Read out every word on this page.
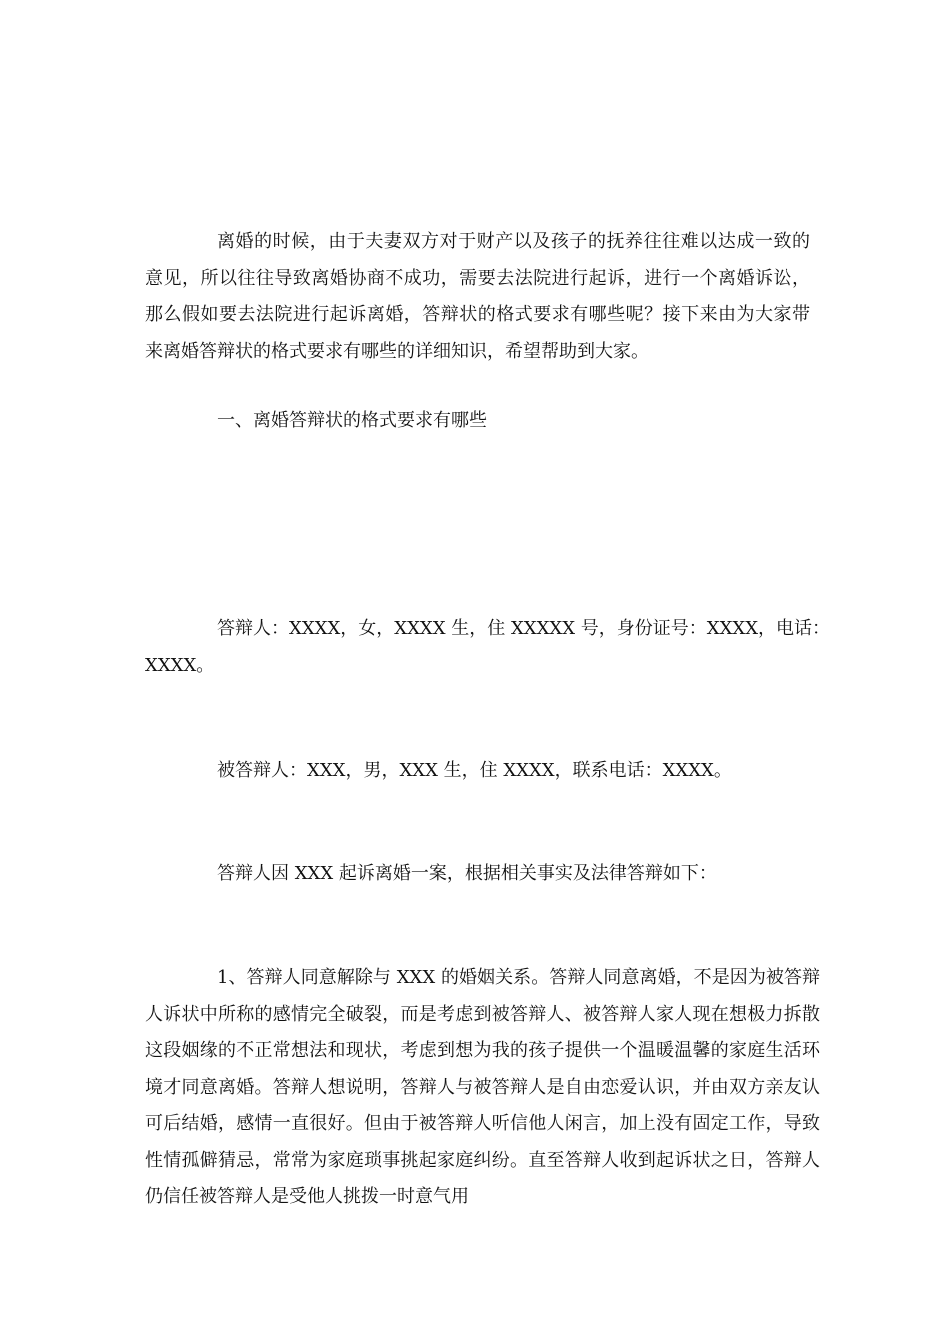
离婚的时候，由于夫妻双方对于财产以及孩子的抚养往往难以达成一致的意见，所以往往导致离婚协商不成功，需要去法院进行起诉，进行一个离婚诉讼，那么假如要去法院进行起诉离婚，答辩状的格式要求有哪些呢？接下来由为大家带来离婚答辩状的格式要求有哪些的详细知识，希望帮助到大家。

一、离婚答辩状的格式要求有哪些

答辩人：XXXX，女，XXXX 生，住 XXXXX 号，身份证号：XXXX，电话：

XXXX。

被答辩人：XXX，男，XXX 生，住 XXXX，联系电话：XXXX。

答辩人因 XXX 起诉离婚一案，根据相关事实及法律答辩如下：

1、答辩人同意解除与 XXX 的婚姻关系。答辩人同意离婚，不是因为被答辩人诉状中所称的感情完全破裂，而是考虑到被答辩人、被答辩人家人现在想极力拆散这段姻缘的不正常想法和现状，考虑到想为我的孩子提供一个温暖温馨的家庭生活环境才同意离婚。答辩人想说明，答辩人与被答辩人是自由恋爱认识，并由双方亲友认可后结婚，感情一直很好。但由于被答辩人听信他人闲言，加上没有固定工作，导致性情孤僻猜忌，常常为家庭琐事挑起家庭纠纷。直至答辩人收到起诉状之日，答辩人仍信任被答辩人是受他人挑拨一时意气用
